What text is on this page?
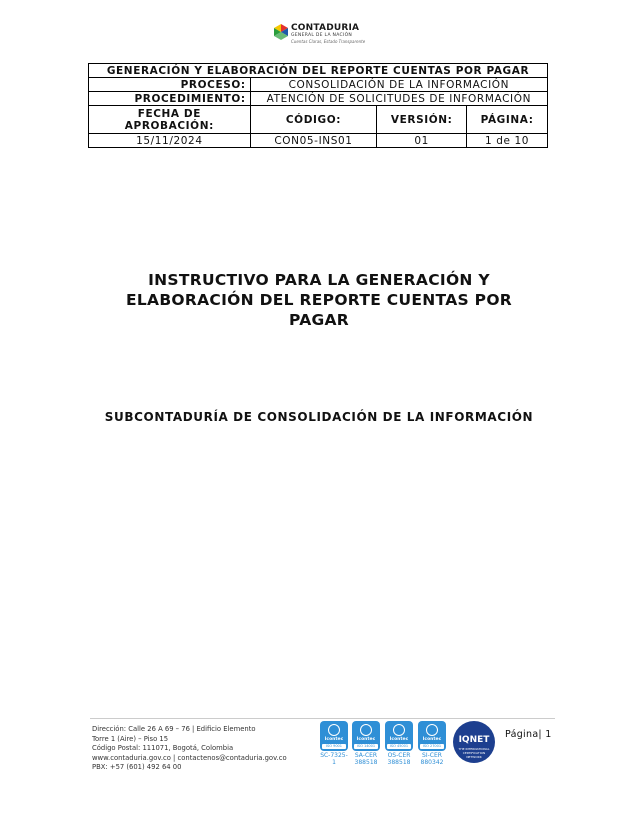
CONTADURIA
GENERAL DE LA NACIÓN
Cuentas Claras, Estado Transparente
GENERACIÓN Y ELABORACIÓN DEL REPORTE CUENTAS POR PAGAR			
PROCESO:	CONSOLIDACIÓN DE LA INFORMACIÓN		
PROCEDIMIENTO:	ATENCIÓN DE SOLICITUDES DE INFORMACIÓN		
FECHA DE APROBACIÓN:	CÓDIGO:	VERSIÓN:	PÁGINA:
15/11/2024	CON05-INS01	01	1 de 10
INSTRUCTIVO PARA LA GENERACIÓN Y ELABORACIÓN DEL REPORTE CUENTAS POR PAGAR
SUBCONTADURÍA DE CONSOLIDACIÓN DE LA INFORMACIÓN
Dirección: Calle 26 A 69 – 76 | Edificio Elemento
Torre 1 (Aire) – Piso 15
Código Postal: 111071, Bogotá, Colombia
www.contaduria.gov.co | contactenos@contaduria.gov.co
PBX: +57 (601) 492 64 00
Icontec
ISO 9001
SC-7325-1
Icontec
ISO 14001
SA-CER 388518
Icontec
ISO 45001
OS-CER 388518
Icontec
ISO 27001
SI-CER 880342
IQNET
THE INTERNATIONAL CERTIFICATION NETWORK
Página| 1
